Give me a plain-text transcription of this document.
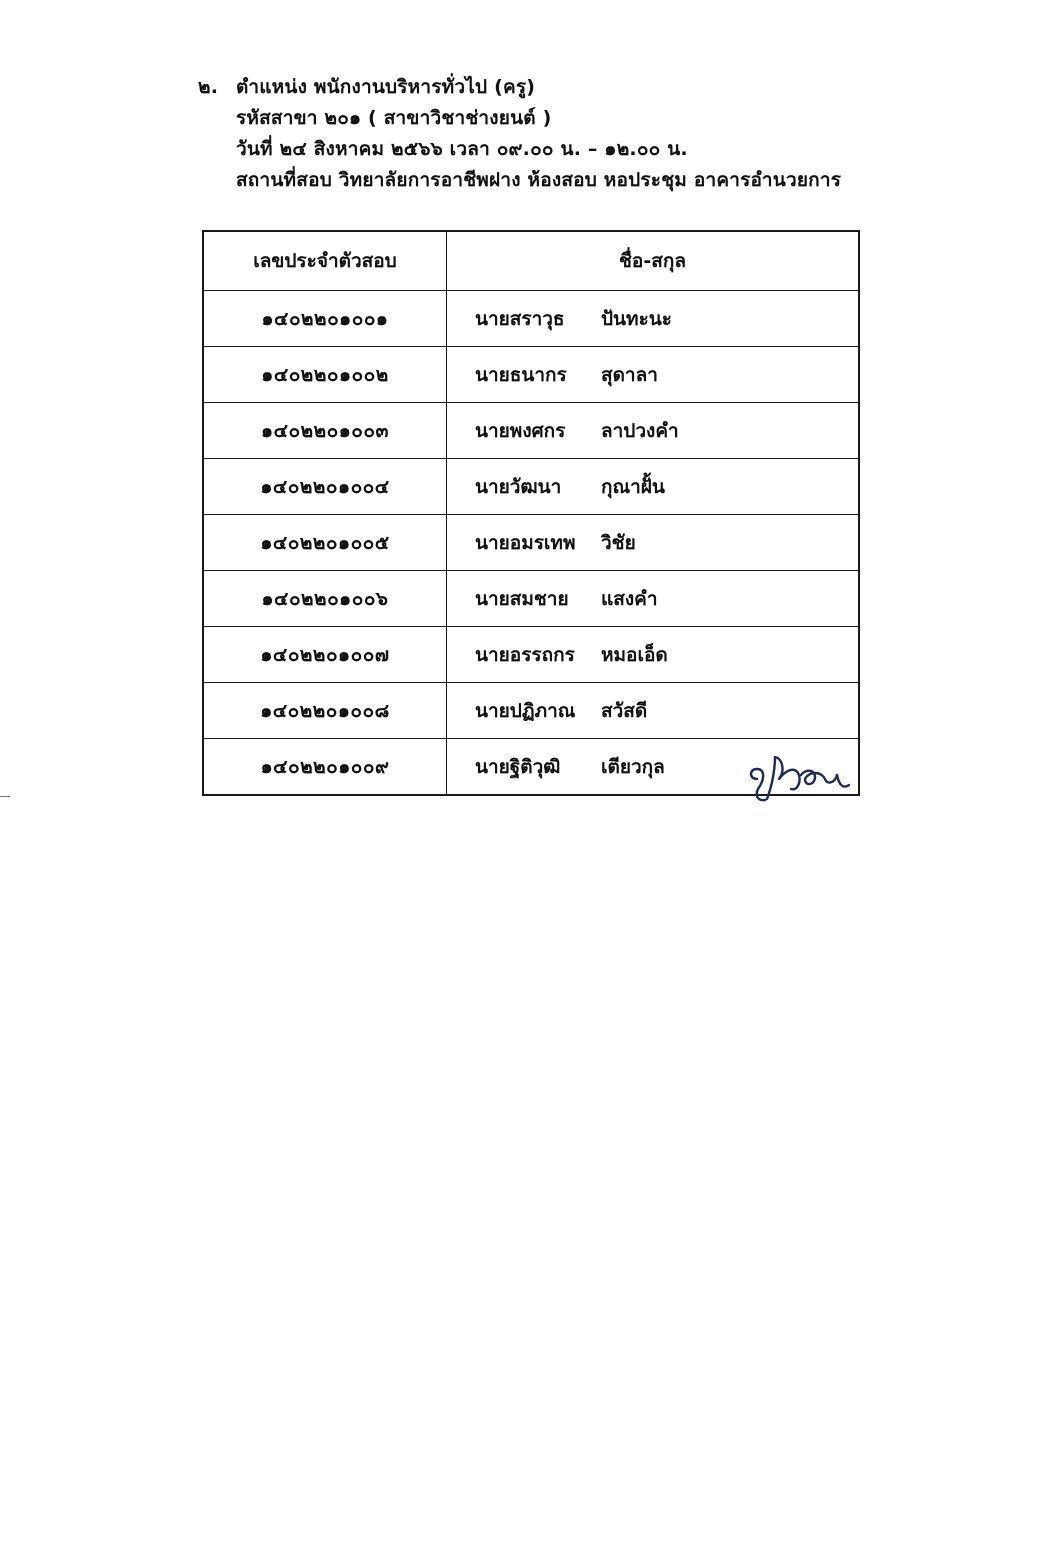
๒. ตำแหน่ง พนักงานบริหารทั่วไป (ครู)
รหัสสาขา ๒๐๑ ( สาขาวิชาช่างยนต์ )
วันที่ ๒๔ สิงหาคม ๒๕๖๖ เวลา ๐๙.๐๐ น. – ๑๒.๐๐ น.
สถานที่สอบ วิทยาลัยการอาชีพฝาง ห้องสอบ หอประชุม อาคารอำนวยการ
เลขประจำตัวสอบ	ชื่อ-สกุล
๑๔๐๒๒๐๑๐๐๑	นายสราวุธ ปันทะนะ
๑๔๐๒๒๐๑๐๐๒	นายธนากร สุดาลา
๑๔๐๒๒๐๑๐๐๓	นายพงศกร ลาปวงคำ
๑๔๐๒๒๐๑๐๐๔	นายวัฒนา กุณาฝั้น
๑๔๐๒๒๐๑๐๐๕	นายอมรเทพ วิชัย
๑๔๐๒๒๐๑๐๐๖	นายสมชาย แสงคำ
๑๔๐๒๒๐๑๐๐๗	นายอรรถกร หมอเอ็ด
๑๔๐๒๒๐๑๐๐๘	นายปฏิภาณ สวัสดี
๑๔๐๒๒๐๑๐๐๙	นายฐิติวุฒิ เตียวกุล
